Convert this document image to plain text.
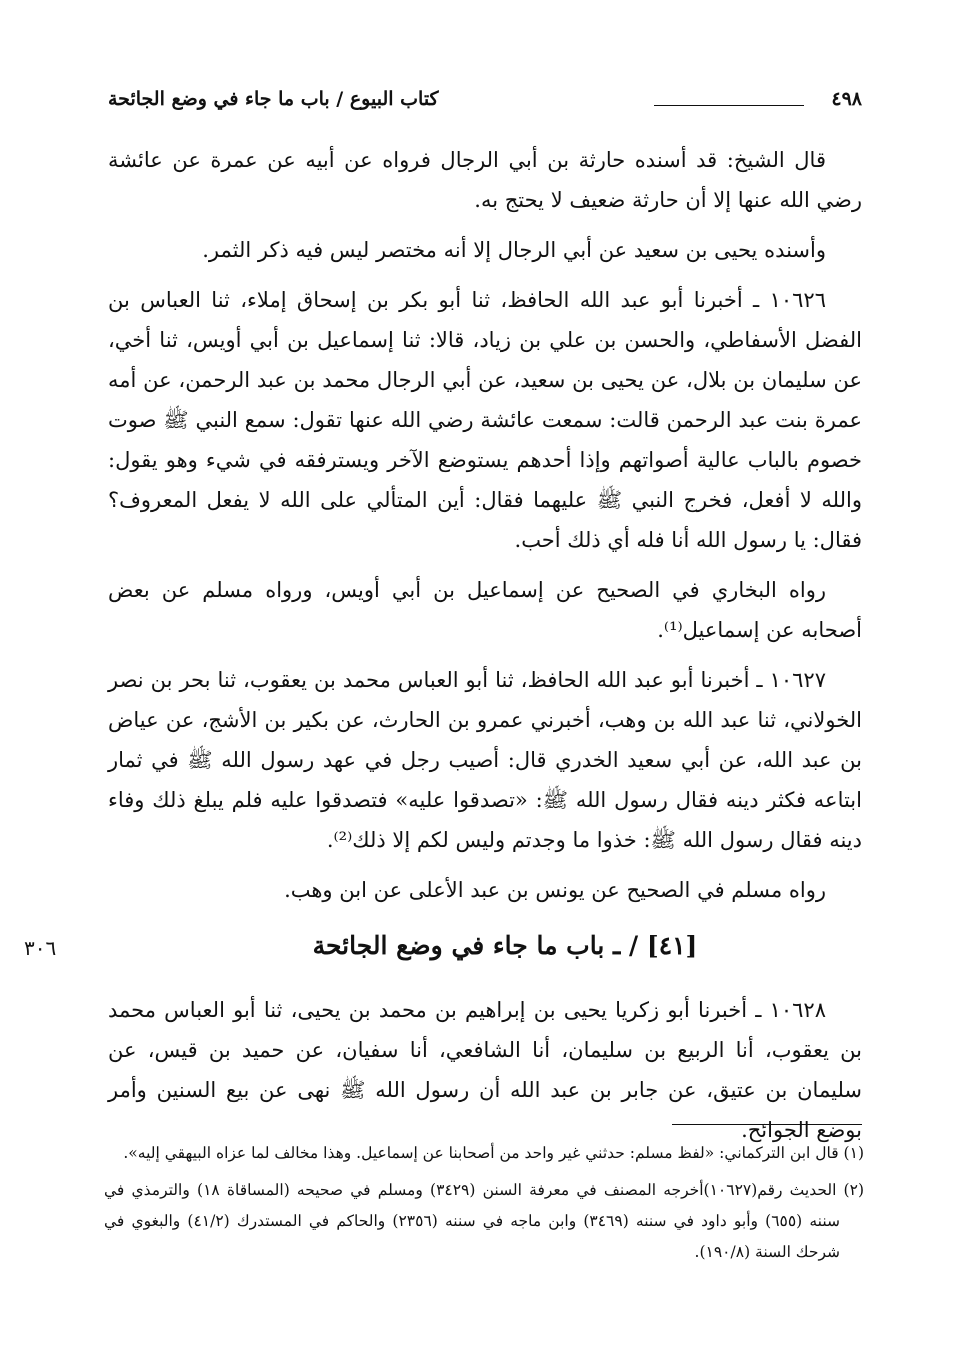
٤٩٨
كتاب البيوع / باب ما جاء في وضع الجائحة

قال الشيخ: قد أسنده حارثة بن أبي الرجال فرواه عن أبيه عن عمرة عن عائشة رضي الله عنها إلا أن حارثة ضعيف لا يحتج به.

وأسنده يحيى بن سعيد عن أبي الرجال إلا أنه مختصر ليس فيه ذكر الثمر.

١٠٦٢٦ ـ أخبرنا أبو عبد الله الحافظ، ثنا أبو بكر بن إسحاق إملاء، ثنا العباس بن الفضل الأسفاطي، والحسن بن علي بن زياد، قالا: ثنا إسماعيل بن أبي أويس، ثنا أخي، عن سليمان بن بلال، عن يحيى بن سعيد، عن أبي الرجال محمد بن عبد الرحمن، عن أمه عمرة بنت عبد الرحمن قالت: سمعت عائشة رضي الله عنها تقول: سمع النبي ﷺ صوت خصوم بالباب عالية أصواتهم وإذا أحدهم يستوضع الآخر ويسترفقه في شيء وهو يقول: والله لا أفعل، فخرج النبي ﷺ عليهما فقال: أين المتألي على الله لا يفعل المعروف؟ فقال: يا رسول الله أنا فله أي ذلك أحب.

رواه البخاري في الصحيح عن إسماعيل بن أبي أويس، ورواه مسلم عن بعض أصحابه عن إسماعيل⁽¹⁾.

١٠٦٢٧ ـ أخبرنا أبو عبد الله الحافظ، ثنا أبو العباس محمد بن يعقوب، ثنا بحر بن نصر الخولاني، ثنا عبد الله بن وهب، أخبرني عمرو بن الحارث، عن بكير بن الأشج، عن عياض بن عبد الله، عن أبي سعيد الخدري قال: أصيب رجل في عهد رسول الله ﷺ في ثمار ابتاعه فكثر دينه فقال رسول الله ﷺ: «تصدقوا عليه» فتصدقوا عليه فلم يبلغ ذلك وفاء دينه فقال رسول الله ﷺ: خذوا ما وجدتم وليس لكم إلا ذلك⁽²⁾.

رواه مسلم في الصحيح عن يونس بن عبد الأعلى عن ابن وهب.

[٤١] / ـ باب ما جاء في وضع الجائحة
٣٠٦

١٠٦٢٨ ـ أخبرنا أبو زكريا يحيى بن إبراهيم بن محمد بن يحيى، ثنا أبو العباس محمد بن يعقوب، أنا الربيع بن سليمان، أنا الشافعي، أنا سفيان، عن حميد بن قيس، عن سليمان بن عتيق، عن جابر بن عبد الله أن رسول الله ﷺ نهى عن بيع السنين وأمر بوضع الجوائح.

(١) قال ابن التركماني: «لفظ مسلم: حدثني غير واحد من أصحابنا عن إسماعيل. وهذا مخالف لما عزاه البيهقي إليه».

(٢) الحديث رقم(١٠٦٢٧)أخرجه المصنف في معرفة السنن (٣٤٢٩) ومسلم في صحيحه (المساقاة ١٨) والترمذي في سننه (٦٥٥) وأبو داود في سننه (٣٤٦٩) وابن ماجه في سننه (٢٣٥٦) والحاكم في المستدرك (٤١/٢) والبغوي في شرحك السنة (١٩٠/٨).
